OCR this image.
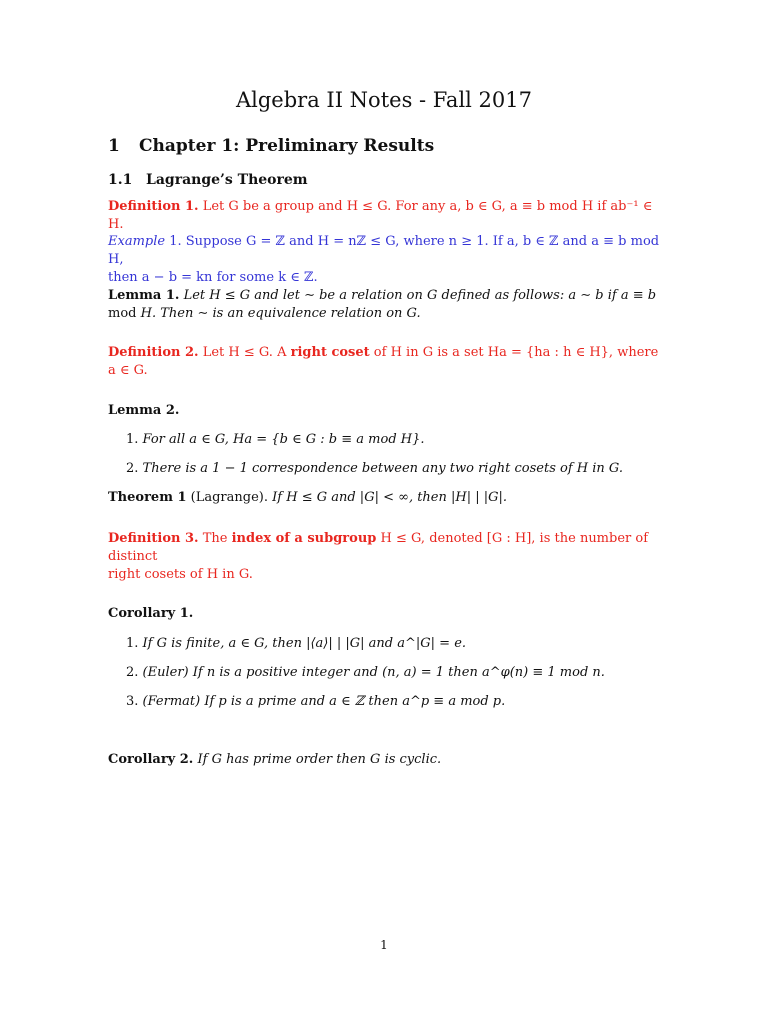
Algebra II Notes - Fall 2017
1 Chapter 1: Preliminary Results
1.1 Lagrange’s Theorem
Definition 1. Let G be a group and H ≤ G. For any a, b ∈ G, a ≡ b mod H if ab⁻¹ ∈ H.
Example 1. Suppose G = ℤ and H = nℤ ≤ G, where n ≥ 1. If a, b ∈ ℤ and a ≡ b mod H,
then a − b = kn for some k ∈ ℤ.
Lemma 1. Let H ≤ G and let ∼ be a relation on G defined as follows: a ∼ b if a ≡ b
mod H. Then ∼ is an equivalence relation on G.
Definition 2. Let H ≤ G. A right coset of H in G is a set Ha = {ha : h ∈ H}, where
a ∈ G.
Lemma 2.
1. For all a ∈ G, Ha = {b ∈ G : b ≡ a mod H}.
2. There is a 1 − 1 correspondence between any two right cosets of H in G.
Theorem 1 (Lagrange). If H ≤ G and |G| < ∞, then |H| | |G|.
Definition 3. The index of a subgroup H ≤ G, denoted [G : H], is the number of distinct
right cosets of H in G.
Corollary 1.
1. If G is finite, a ∈ G, then |⟨a⟩| | |G| and a^|G| = e.
2. (Euler) If n is a positive integer and (n, a) = 1 then a^φ(n) ≡ 1 mod n.
3. (Fermat) If p is a prime and a ∈ ℤ then a^p ≡ a mod p.
Corollary 2. If G has prime order then G is cyclic.
1
